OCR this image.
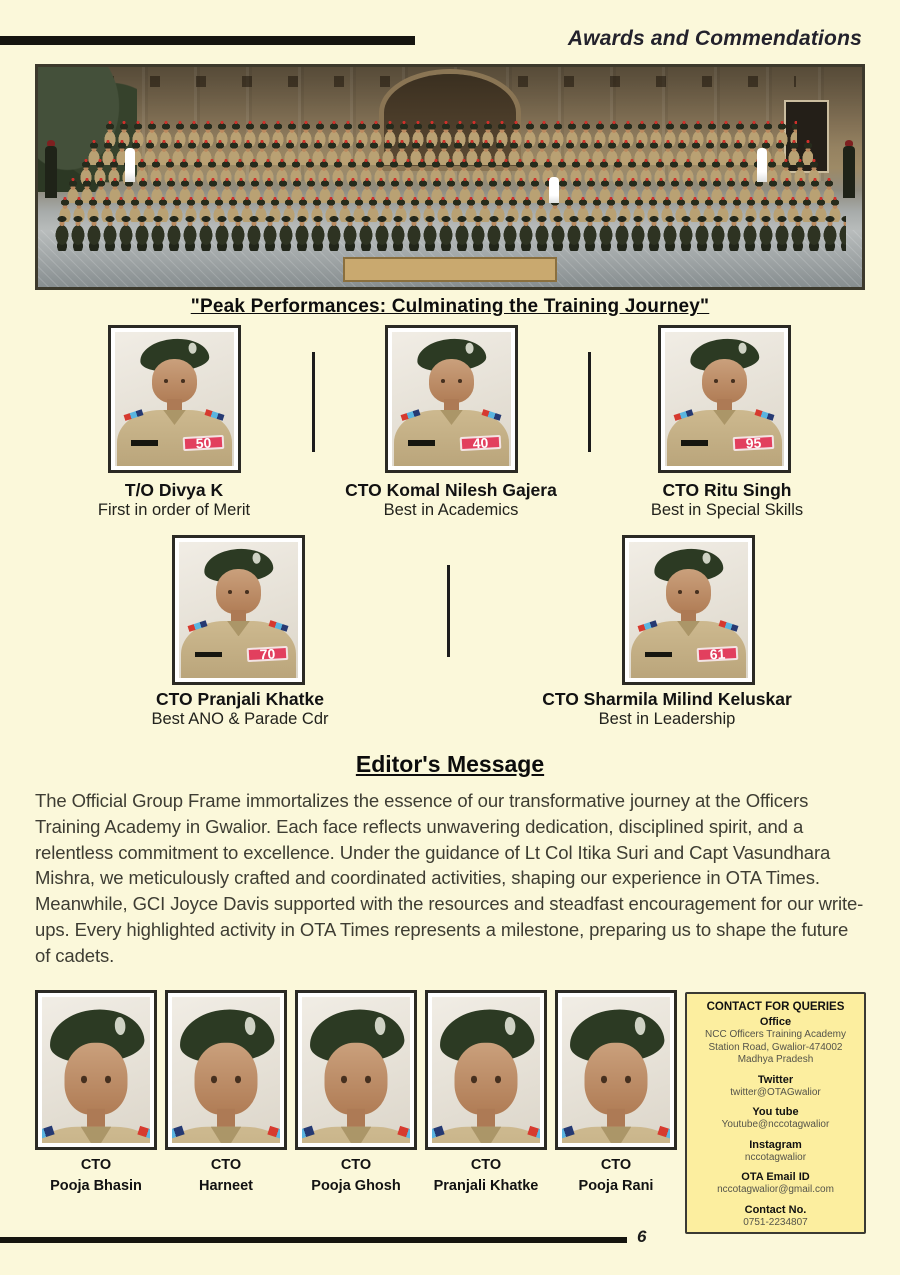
Awards and Commendations
"Peak Performances: Culminating the Training Journey"
50	40	95
T/O Divya K
First in order of Merit
CTO Komal Nilesh Gajera
Best in Academics
CTO Ritu Singh
Best in Special Skills
70	61
CTO Pranjali Khatke
Best ANO & Parade Cdr
CTO Sharmila Milind Keluskar
Best in Leadership
Editor's Message
The Official Group Frame immortalizes the essence of our transformative journey at the Officers Training Academy in Gwalior. Each face reflects unwavering dedication, disciplined spirit, and a relentless commitment to excellence. Under the guidance of Lt Col Itika Suri and Capt Vasundhara Mishra, we meticulously crafted and coordinated activities, shaping our experience in OTA Times. Meanwhile, GCI Joyce Davis supported with the resources and steadfast encouragement for our write-ups. Every highlighted activity in OTA Times represents a milestone, preparing us to shape the future of cadets.
CTO
Pooja Bhasin
CTO
Harneet
CTO
Pooja Ghosh
CTO
Pranjali Khatke
CTO
Pooja Rani
CONTACT FOR QUERIES
Office
NCC Officers Training Academy
Station Road, Gwalior-474002
Madhya Pradesh
Twitter
twitter@OTAGwalior
You tube
Youtube@nccotagwalior
Instagram
nccotagwalior
OTA Email ID
nccotagwalior@gmail.com
Contact No.
0751-2234807
6
